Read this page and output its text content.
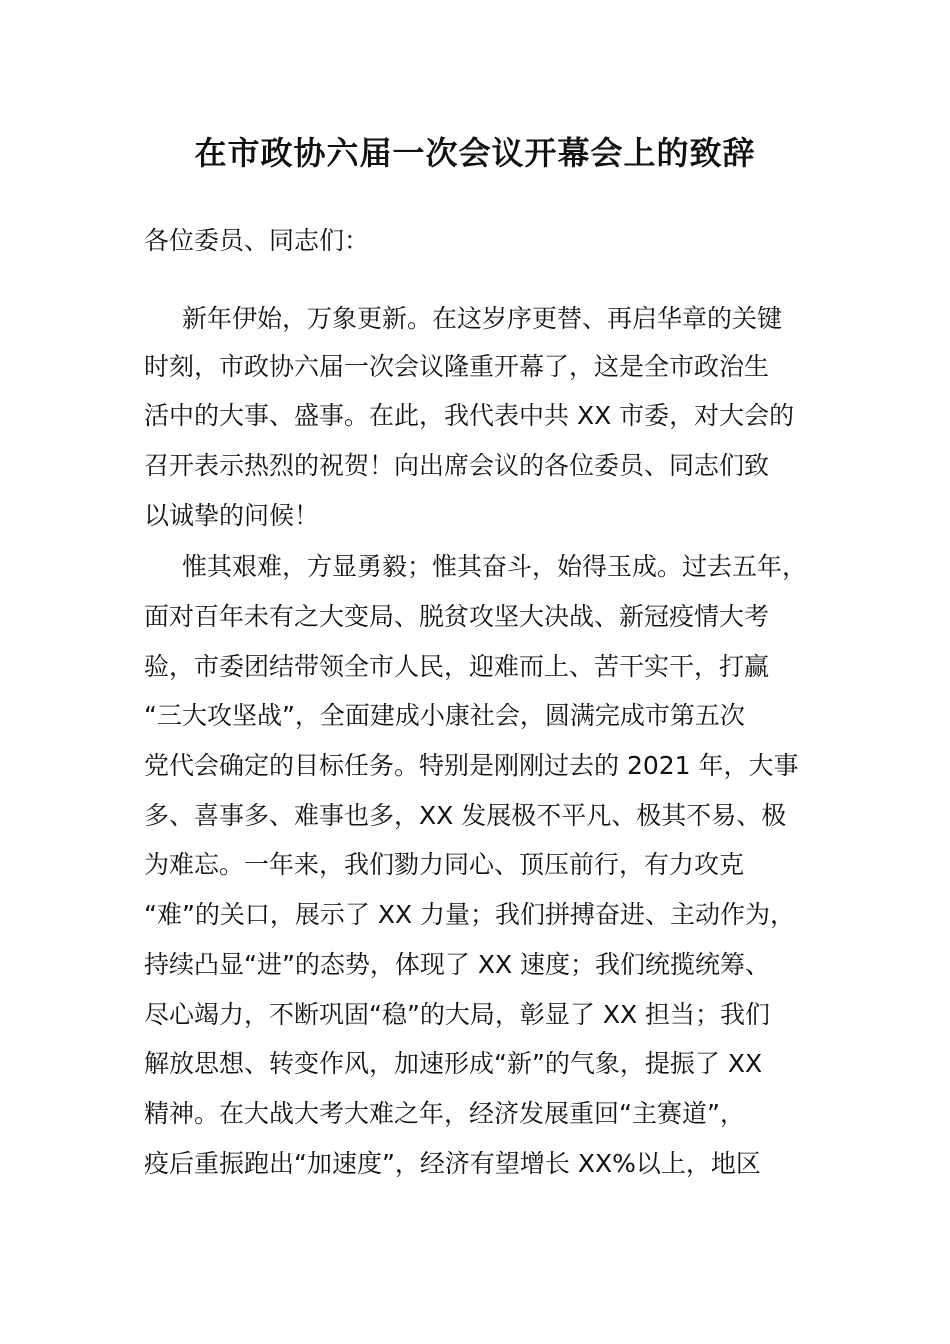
在市政协六届一次会议开幕会上的致辞
各位委员、同志们：
新年伊始，万象更新。在这岁序更替、再启华章的关键
时刻，市政协六届一次会议隆重开幕了，这是全市政治生
活中的大事、盛事。在此，我代表中共 XX 市委，对大会的
召开表示热烈的祝贺！向出席会议的各位委员、同志们致
以诚挚的问候！
惟其艰难，方显勇毅；惟其奋斗，始得玉成。过去五年，
面对百年未有之大变局、脱贫攻坚大决战、新冠疫情大考
验，市委团结带领全市人民，迎难而上、苦干实干，打赢
“三大攻坚战”，全面建成小康社会，圆满完成市第五次
党代会确定的目标任务。特别是刚刚过去的 2021 年，大事
多、喜事多、难事也多，XX 发展极不平凡、极其不易、极
为难忘。一年来，我们勠力同心、顶压前行，有力攻克
“难”的关口，展示了 XX 力量；我们拼搏奋进、主动作为，
持续凸显“进”的态势，体现了 XX 速度；我们统揽统筹、
尽心竭力，不断巩固“稳”的大局，彰显了 XX 担当；我们
解放思想、转变作风，加速形成“新”的气象，提振了 XX
精神。在大战大考大难之年，经济发展重回“主赛道”，
疫后重振跑出“加速度”，经济有望增长 XX%以上，地区
